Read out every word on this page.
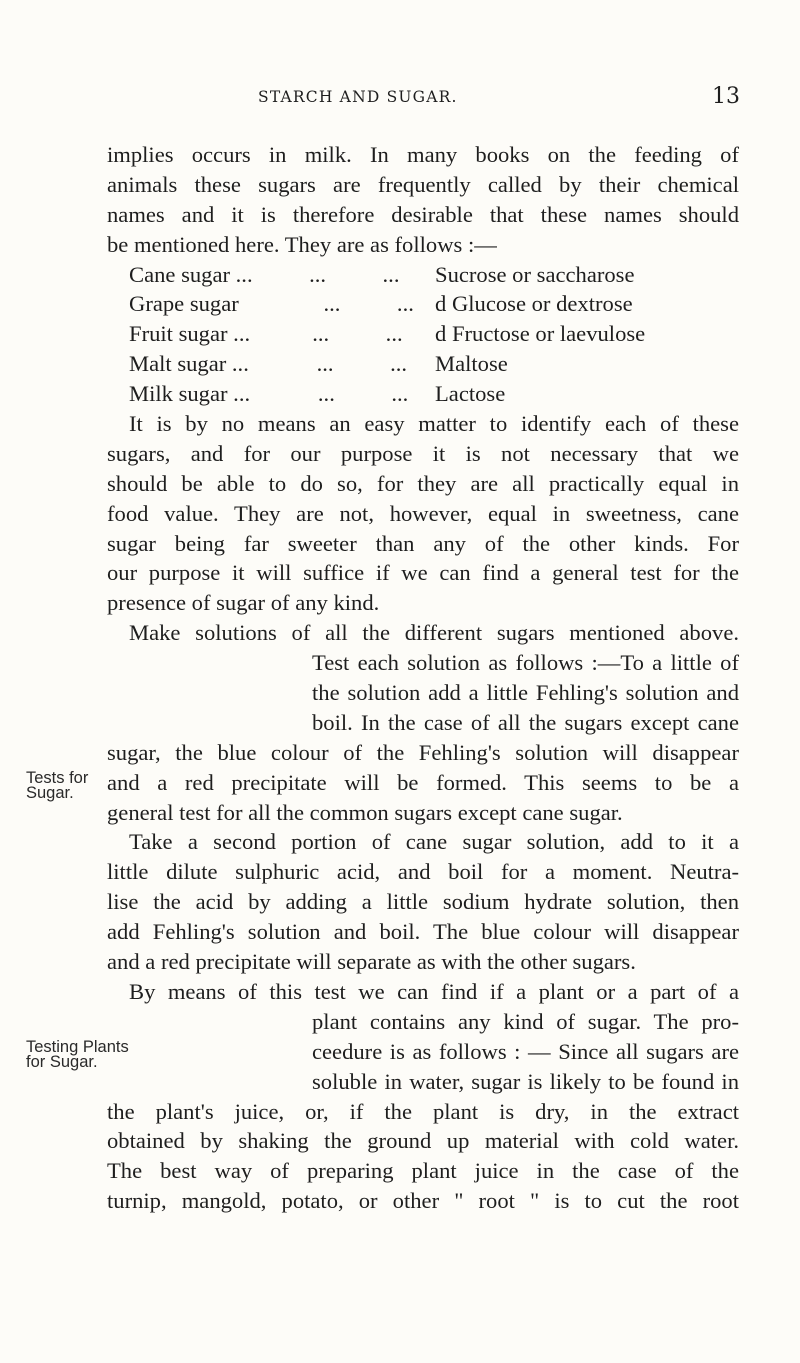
STARCH AND SUGAR.	13
Tests for
Sugar.
Testing Plants
for Sugar.
implies occurs in milk. In many books on the feeding of
animals these sugars are frequently called by their chemical
names and it is therefore desirable that these names should
be mentioned here. They are as follows :—
Cane sugar ...          ...          ...	Sucrose or saccharose
Grape sugar               ...          ... d Glucose or dextrose
Fruit sugar ...           ...          ...	d Fructose or laevulose
Malt sugar ...            ...          ...	Maltose
Milk sugar ...            ...          ...	Lactose
It is by no means an easy matter to identify each of these
sugars, and for our purpose it is not necessary that we
should be able to do so, for they are all practically equal in
food value. They are not, however, equal in sweetness, cane
sugar being far sweeter than any of the other kinds. For
our purpose it will suffice if we can find a general test for the
presence of sugar of any kind.
Make solutions of all the different sugars mentioned above.
Test each solution as follows :—To a little of
the solution add a little Fehling's solution and
boil. In the case of all the sugars except cane
sugar, the blue colour of the Fehling's solution will disappear
and a red precipitate will be formed. This seems to be a
general test for all the common sugars except cane sugar.
Take a second portion of cane sugar solution, add to it a
little dilute sulphuric acid, and boil for a moment. Neutra-
lise the acid by adding a little sodium hydrate solution, then
add Fehling's solution and boil. The blue colour will disappear
and a red precipitate will separate as with the other sugars.
By means of this test we can find if a plant or a part of a
plant contains any kind of sugar. The pro-
ceedure is as follows : — Since all sugars are
soluble in water, sugar is likely to be found in
the plant's juice, or, if the plant is dry, in the extract
obtained by shaking the ground up material with cold water.
The best way of preparing plant juice in the case of the
turnip, mangold, potato, or other " root " is to cut the root
